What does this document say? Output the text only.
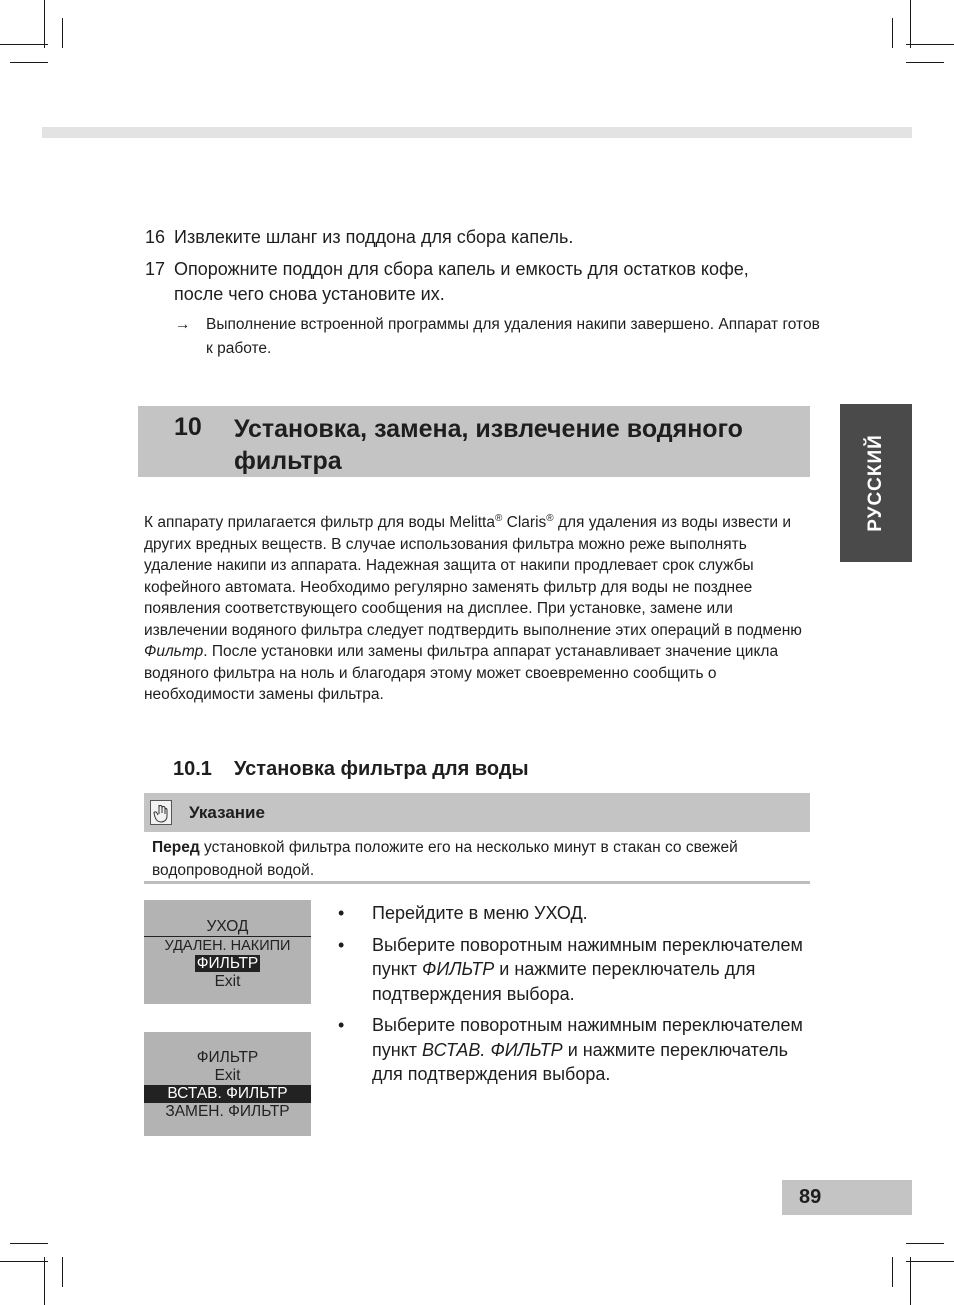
16 Извлеките шланг из поддона для сбора капель.
17 Опорожните поддон для сбора капель и емкость для остатков кофе, после чего снова установите их.
→ Выполнение встроенной программы для удаления накипи завершено. Аппарат готов к работе.
10 Установка, замена, извлечение водяного фильтра	РУССКИЙ
К аппарату прилагается фильтр для воды Melitta® Claris® для удаления из воды извести и других вредных веществ. В случае использования фильтра можно реже выполнять удаление накипи из аппарата. Надежная защита от накипи продлевает срок службы кофейного автомата. Необходимо регулярно заменять фильтр для воды не позднее появления соответствующего сообщения на дисплее. При установке, замене или извлечении водяного фильтра следует подтвердить выполнение этих операций в подменю Фильтр. После установки или замены фильтра аппарат устанавливает значение цикла водяного фильтра на ноль и благодаря этому может своевременно сообщить о необходимости замены фильтра.
10.1 Установка фильтра для воды
Указание
Перед установкой фильтра положите его на несколько минут в стакан со свежей водопроводной водой.
УХОД
УДАЛЕН. НАКИПИ
ФИЛЬТР
Exit
ФИЛЬТР
Exit
ВСТАВ. ФИЛЬТР
ЗАМЕН. ФИЛЬТР
• Перейдите в меню УХОД.
• Выберите поворотным нажимным переключателем пункт ФИЛЬТР и нажмите переключатель для подтверждения выбора.
• Выберите поворотным нажимным переключателем пункт ВСТАВ. ФИЛЬТР и нажмите переключатель для подтверждения выбора.
89
